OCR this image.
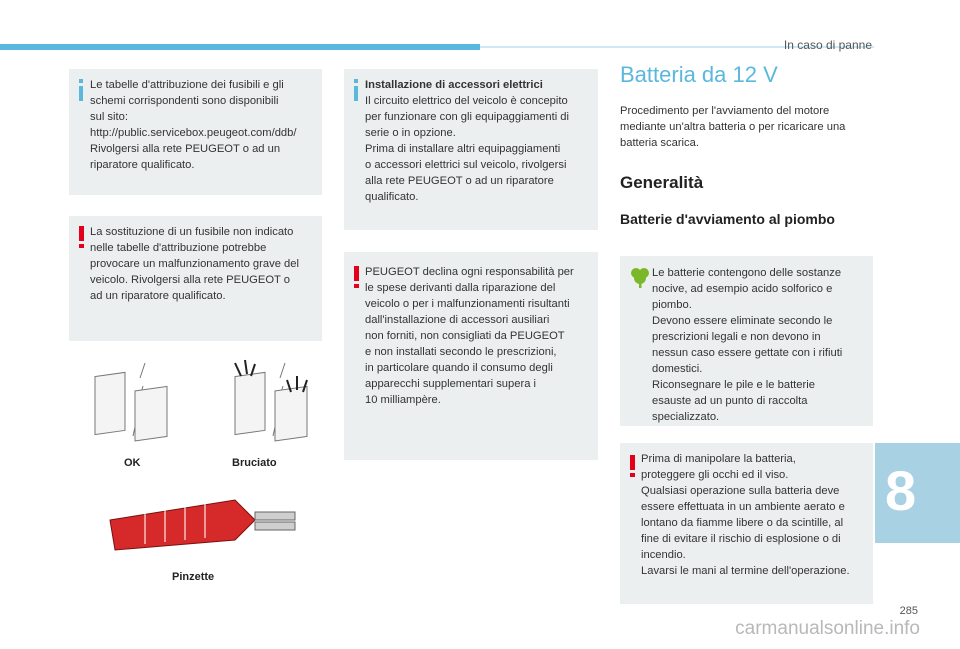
In caso di panne

Le tabelle d'attribuzione dei fusibili e gli
schemi corrispondenti sono disponibili
sul sito:
http://public.servicebox.peugeot.com/ddb/
Rivolgersi alla rete PEUGEOT o ad un
riparatore qualificato.

La sostituzione di un fusibile non indicato
nelle tabelle d'attribuzione potrebbe
provocare un malfunzionamento grave del
veicolo. Rivolgersi alla rete PEUGEOT o
ad un riparatore qualificato.

OK	Bruciato
Pinzette

Installazione di accessori elettrici

Il circuito elettrico del veicolo è concepito
per funzionare con gli equipaggiamenti di
serie o in opzione.
Prima di installare altri equipaggiamenti
o accessori elettrici sul veicolo, rivolgersi
alla rete PEUGEOT o ad un riparatore
qualificato.

PEUGEOT declina ogni responsabilità per
le spese derivanti dalla riparazione del
veicolo o per i malfunzionamenti risultanti
dall'installazione di accessori ausiliari
non forniti, non consigliati da PEUGEOT
e non installati secondo le prescrizioni,
in particolare quando il consumo degli
apparecchi supplementari supera i
10 milliampère.

Batteria da 12 V

Procedimento per l'avviamento del motore
mediante un'altra batteria o per ricaricare una
batteria scarica.

Generalità
Batterie d'avviamento al piombo

Le batterie contengono delle sostanze
nocive, ad esempio acido solforico e
piombo.
Devono essere eliminate secondo le
prescrizioni legali e non devono in
nessun caso essere gettate con i rifiuti
domestici.
Riconsegnare le pile e le batterie
esauste ad un punto di raccolta
specializzato.

Prima di manipolare la batteria,
proteggere gli occhi ed il viso.
Qualsiasi operazione sulla batteria deve
essere effettuata in un ambiente aerato e
lontano da fiamme libere o da scintille, al
fine di evitare il rischio di esplosione o di
incendio.
Lavarsi le mani al termine dell'operazione.

8
285
carmanualsonline.info
